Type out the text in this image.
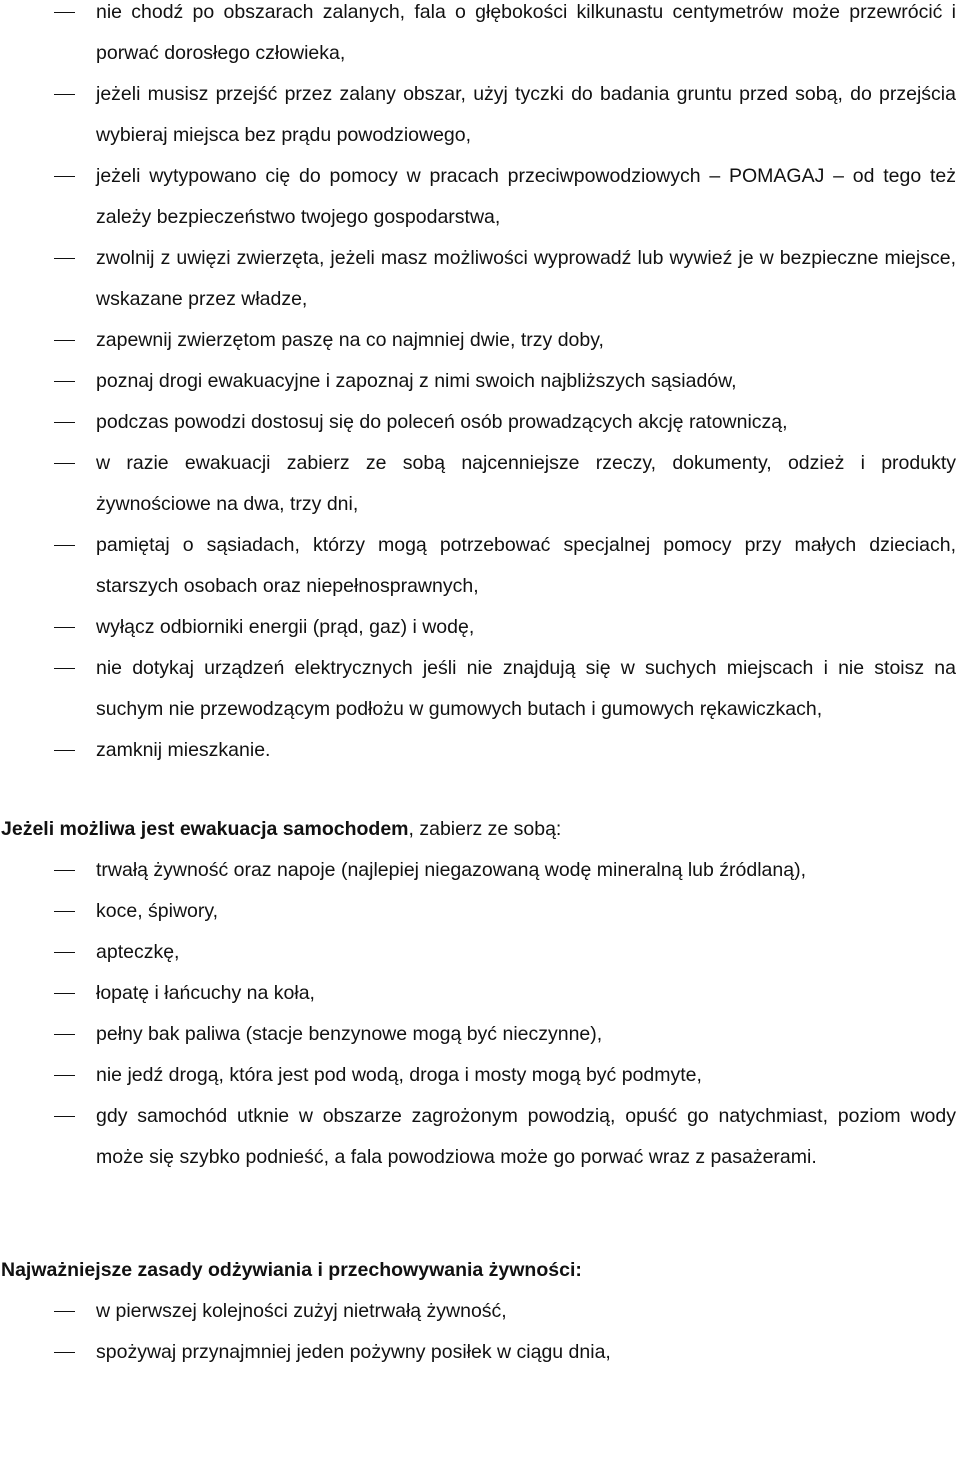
nie chodź po obszarach zalanych, fala o głębokości kilkunastu centymetrów może przewrócić i porwać dorosłego człowieka,
jeżeli musisz przejść przez zalany obszar, użyj tyczki do badania gruntu przed sobą, do przejścia wybieraj miejsca bez prądu powodziowego,
jeżeli wytypowano cię do pomocy w pracach przeciwpowodziowych – POMAGAJ – od tego też zależy bezpieczeństwo twojego gospodarstwa,
zwolnij z uwięzi zwierzęta, jeżeli masz możliwości wyprowadź lub wywieź je w bezpieczne miejsce, wskazane przez władze,
zapewnij zwierzętom paszę na co najmniej dwie, trzy doby,
poznaj drogi ewakuacyjne i zapoznaj z nimi swoich najbliższych sąsiadów,
podczas powodzi dostosuj się do poleceń osób prowadzących akcję ratowniczą,
w razie ewakuacji zabierz ze sobą najcenniejsze rzeczy, dokumenty, odzież i produkty żywnościowe na dwa, trzy dni,
pamiętaj o sąsiadach, którzy mogą potrzebować specjalnej pomocy przy małych dzieciach, starszych osobach oraz niepełnosprawnych,
wyłącz odbiorniki energii (prąd, gaz) i wodę,
nie dotykaj urządzeń elektrycznych jeśli nie znajdują się w suchych miejscach i nie stoisz na suchym nie przewodzącym podłożu w gumowych butach i gumowych rękawiczkach,
zamknij mieszkanie.

Jeżeli możliwa jest ewakuacja samochodem, zabierz ze sobą:

trwałą żywność oraz napoje (najlepiej niegazowaną wodę mineralną lub źródlaną),
koce, śpiwory,
apteczkę,
łopatę i łańcuchy na koła,
pełny bak paliwa (stacje benzynowe mogą być nieczynne),
nie jedź drogą, która jest pod wodą, droga i mosty mogą być podmyte,
gdy samochód utknie w obszarze zagrożonym powodzią, opuść go natychmiast, poziom wody może się szybko podnieść, a fala powodziowa może go porwać wraz z pasażerami.

Najważniejsze zasady odżywiania i przechowywania żywności:

w pierwszej kolejności zużyj nietrwałą żywność,
spożywaj przynajmniej jeden pożywny posiłek w ciągu dnia,
